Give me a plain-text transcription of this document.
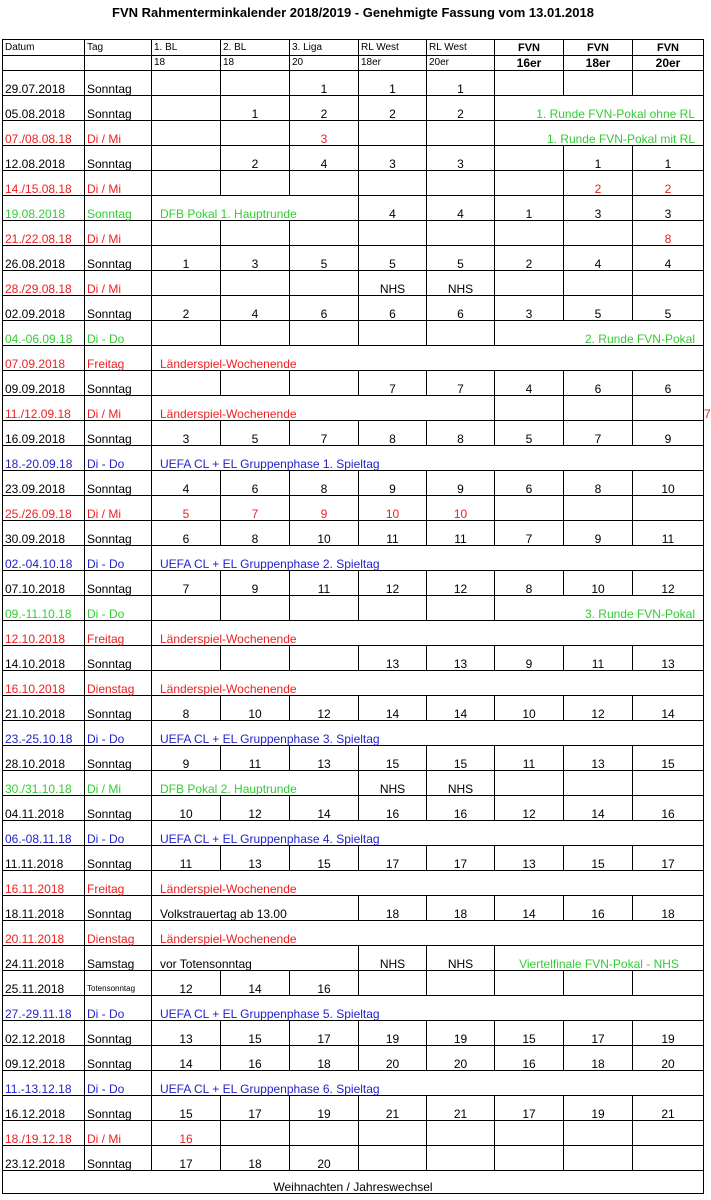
FVN Rahmenterminkalender 2018/2019 - Genehmigte Fassung vom 13.01.2018
Datum	Tag	1. BL	2. BL	3. Liga	RL West	RL West	FVN	FVN	FVN	
		18	18	20	18er	20er	16er	18er	20er	
29.07.2018	Sonntag			1	1	1				
05.08.2018	Sonntag		1	2	2	2	1. Runde FVN-Pokal ohne RL			
07./08.08.18	Di / Mi			3			1. Runde FVN-Pokal mit RL			
12.08.2018	Sonntag		2	4	3	3		1	1	
14./15.08.18	Di / Mi							2	2	
19.08.2018	Sonntag	DFB Pokal 1. Hauptrunde			4	4	1	3	3	
21./22.08.18	Di / Mi								8	
26.08.2018	Sonntag	1	3	5	5	5	2	4	4	
28./29.08.18	Di / Mi				NHS	NHS				
02.09.2018	Sonntag	2	4	6	6	6	3	5	5	
04.-06.09.18	Di - Do						2. Runde FVN-Pokal			
07.09.2018	Freitag	Länderspiel-Wochenende								
09.09.2018	Sonntag				7	7	4	6	6	
11./12.09.18	Di / Mi	Länderspiel-Wochenende								7
16.09.2018	Sonntag	3	5	7	8	8	5	7	9	
18.-20.09.18	Di - Do	UEFA CL + EL Gruppenphase 1. Spieltag								
23.09.2018	Sonntag	4	6	8	9	9	6	8	10	
25./26.09.18	Di / Mi	5	7	9	10	10				
30.09.2018	Sonntag	6	8	10	11	11	7	9	11	
02.-04.10.18	Di - Do	UEFA CL + EL Gruppenphase 2. Spieltag								
07.10.2018	Sonntag	7	9	11	12	12	8	10	12	
09.-11.10.18	Di - Do						3. Runde FVN-Pokal			
12.10.2018	Freitag	Länderspiel-Wochenende								
14.10.2018	Sonntag				13	13	9	11	13	
16.10.2018	Dienstag	Länderspiel-Wochenende								
21.10.2018	Sonntag	8	10	12	14	14	10	12	14	
23.-25.10.18	Di - Do	UEFA CL + EL Gruppenphase 3. Spieltag								
28.10.2018	Sonntag	9	11	13	15	15	11	13	15	
30./31.10.18	Di / Mi	DFB Pokal 2. Hauptrunde			NHS	NHS				
04.11.2018	Sonntag	10	12	14	16	16	12	14	16	
06.-08.11.18	Di - Do	UEFA CL + EL Gruppenphase 4. Spieltag								
11.11.2018	Sonntag	11	13	15	17	17	13	15	17	
16.11.2018	Freitag	Länderspiel-Wochenende								
18.11.2018	Sonntag	Volkstrauertag ab 13.00			18	18	14	16	18	
20.11.2018	Dienstag	Länderspiel-Wochenende								
24.11.2018	Samstag	vor Totensonntag			NHS	NHS	Viertelfinale FVN-Pokal - NHS			
25.11.2018	Totensonntag	12	14	16						
27.-29.11.18	Di - Do	UEFA CL + EL Gruppenphase 5. Spieltag								
02.12.2018	Sonntag	13	15	17	19	19	15	17	19	
09.12.2018	Sonntag	14	16	18	20	20	16	18	20	
11.-13.12.18	Di - Do	UEFA CL + EL Gruppenphase 6. Spieltag								
16.12.2018	Sonntag	15	17	19	21	21	17	19	21	
18./19.12.18	Di / Mi	16								
23.12.2018	Sonntag	17	18	20						
Weihnachten / Jahreswechsel										
